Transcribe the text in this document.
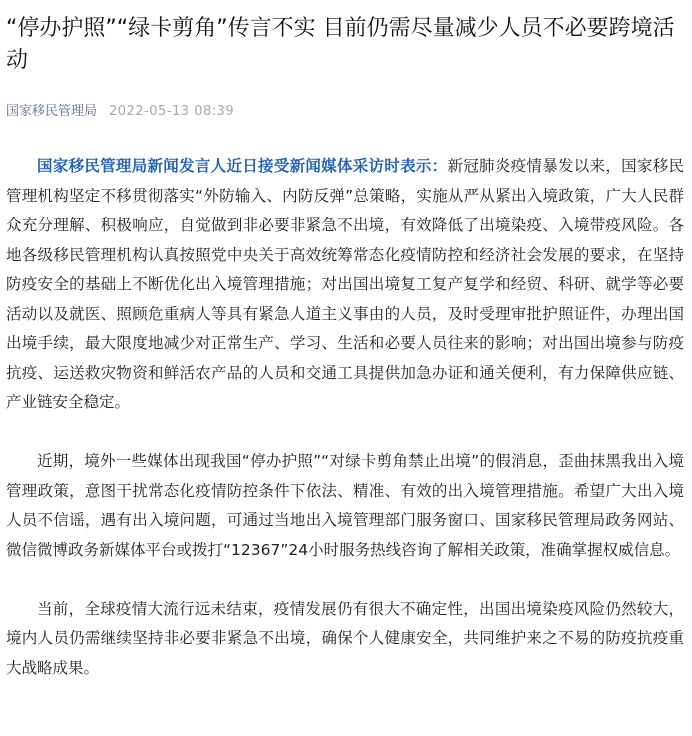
“停办护照”“绿卡剪角”传言不实 目前仍需尽量减少人员不必要跨境活动
国家移民管理局 2022-05-13 08:39

国家移民管理局新闻发言人近日接受新闻媒体采访时表示：新冠肺炎疫情暴发以来，国家移民管理机构坚定不移贯彻落实“外防输入、内防反弹”总策略，实施从严从紧出入境政策，广大人民群众充分理解、积极响应，自觉做到非必要非紧急不出境，有效降低了出境染疫、入境带疫风险。各地各级移民管理机构认真按照党中央关于高效统筹常态化疫情防控和经济社会发展的要求，在坚持防疫安全的基础上不断优化出入境管理措施；对出国出境复工复产复学和经贸、科研、就学等必要活动以及就医、照顾危重病人等具有紧急人道主义事由的人员，及时受理审批护照证件，办理出国出境手续，最大限度地减少对正常生产、学习、生活和必要人员往来的影响；对出国出境参与防疫抗疫、运送救灾物资和鲜活农产品的人员和交通工具提供加急办证和通关便利，有力保障供应链、产业链安全稳定。

近期，境外一些媒体出现我国“停办护照”“对绿卡剪角禁止出境”的假消息，歪曲抹黑我出入境管理政策，意图干扰常态化疫情防控条件下依法、精准、有效的出入境管理措施。希望广大出入境人员不信谣，遇有出入境问题，可通过当地出入境管理部门服务窗口、国家移民管理局政务网站、微信微博政务新媒体平台或拨打“12367”24小时服务热线咨询了解相关政策，准确掌握权威信息。

当前，全球疫情大流行远未结束，疫情发展仍有很大不确定性，出国出境染疫风险仍然较大，境内人员仍需继续坚持非必要非紧急不出境，确保个人健康安全，共同维护来之不易的防疫抗疫重大战略成果。
